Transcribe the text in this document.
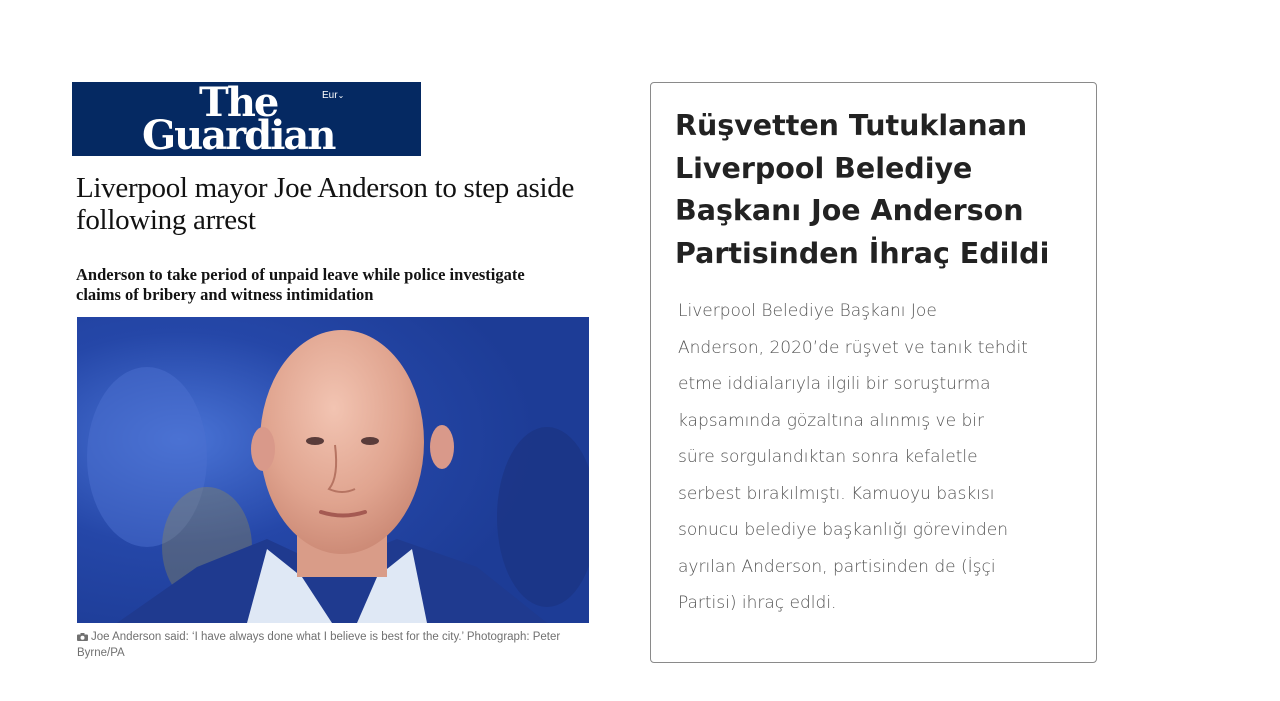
The
Guardian
Eur⌄
Liverpool mayor Joe Anderson to step aside following arrest

Anderson to take period of unpaid leave while police investigate claims of bribery and witness intimidation

Joe Anderson said: ‘I have always done what I believe is best for the city.’ Photograph: Peter Byrne/PA

Rüşvetten Tutuklanan Liverpool Belediye Başkanı Joe Anderson Partisinden İhraç Edildi

Liverpool Belediye Başkanı Joe
Anderson, 2020’de rüşvet ve tanık tehdit
etme iddialarıyla ilgili bir soruşturma
kapsamında gözaltına alınmış ve bir
süre sorgulandıktan sonra kefaletle
serbest bırakılmıştı. Kamuoyu baskısı
sonucu belediye başkanlığı görevinden
ayrılan Anderson, partisinden de (İşçi
Partisi) ihraç edldi.
